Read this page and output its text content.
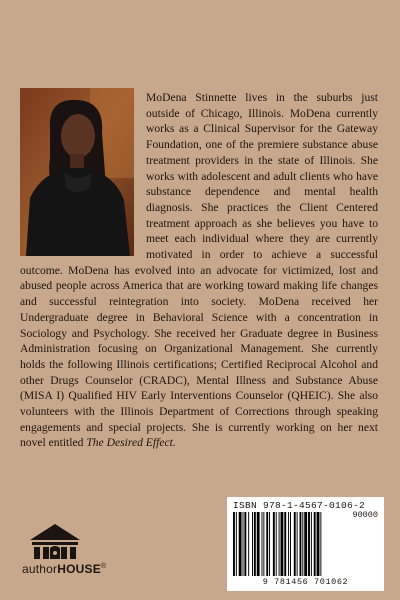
MoDena Stinnette lives in the suburbs just outside of Chicago, Illinois. MoDena currently works as a Clinical Supervisor for the Gateway Foundation, one of the premiere substance abuse treatment providers in the state of Illinois. She works with adolescent and adult clients who have substance dependence and mental health diagnosis. She practices the Client Centered treatment approach as she believes you have to meet each individual where they are currently motivated in order to achieve a successful outcome. MoDena has evolved into an advocate for victimized, lost and abused people across America that are working toward making life changes and successful reintegration into society. MoDena received her Undergraduate degree in Behavioral Science with a concentration in Sociology and Psychology. She received her Graduate degree in Business Administration focusing on Organizational Management. She currently holds the following Illinois certifications; Certified Reciprocal Alcohol and other Drugs Counselor (CRADC), Mental Illness and Substance Abuse (MISA I) Qualified HIV Early Interventions Counselor (QHEIC). She also volunteers with the Illinois Department of Corrections through speaking engagements and special projects. She is currently working on her next novel entitled The Desired Effect.

authorHOUSE®
ISBN 978-1-4567-0106-2
90000
9 781456 701062
